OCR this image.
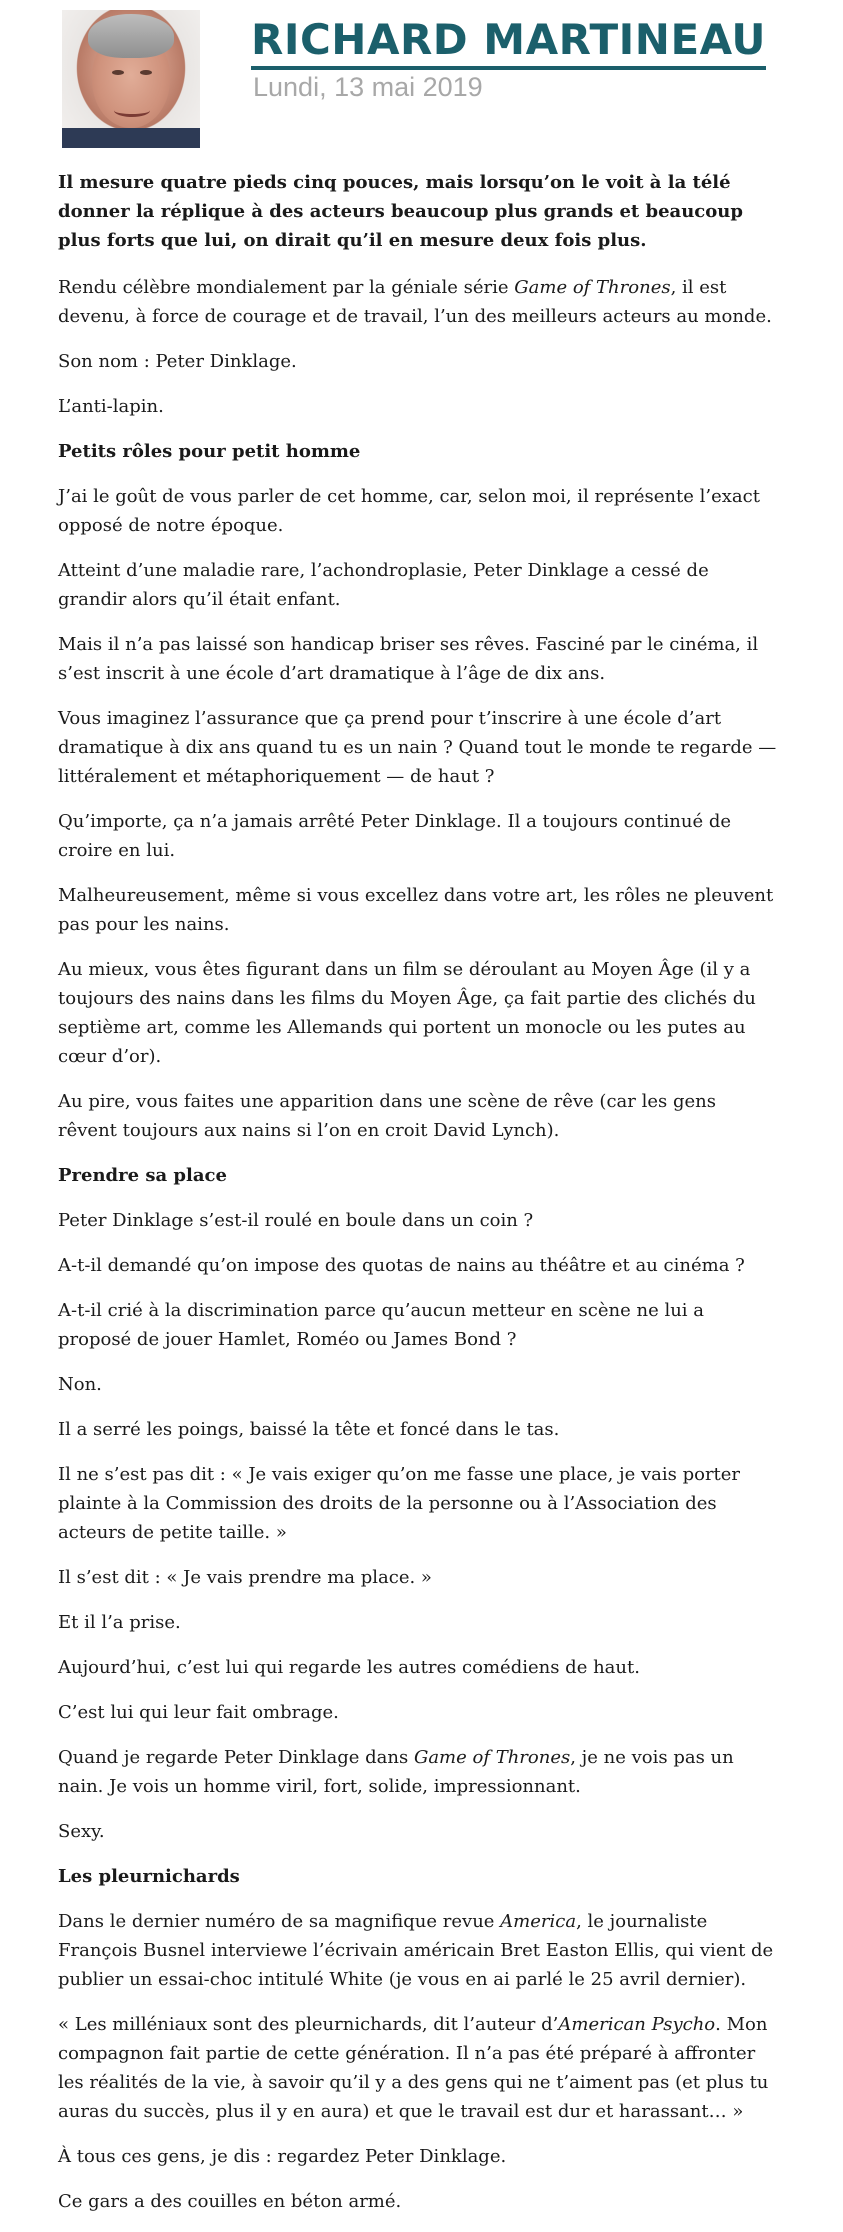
RICHARD MARTINEAU
Lundi, 13 mai 2019

Il mesure quatre pieds cinq pouces, mais lorsqu’on le voit à la télé donner la réplique à des acteurs beaucoup plus grands et beaucoup plus forts que lui, on dirait qu’il en mesure deux fois plus.

Rendu célèbre mondialement par la géniale série Game of Thrones, il est devenu, à force de courage et de travail, l’un des meilleurs acteurs au monde.

Son nom : Peter Dinklage.

L’anti-lapin.

Petits rôles pour petit homme

J’ai le goût de vous parler de cet homme, car, selon moi, il représente l’exact opposé de notre époque.

Atteint d’une maladie rare, l’achondroplasie, Peter Dinklage a cessé de grandir alors qu’il était enfant.

Mais il n’a pas laissé son handicap briser ses rêves. Fasciné par le cinéma, il s’est inscrit à une école d’art dramatique à l’âge de dix ans.

Vous imaginez l’assurance que ça prend pour t’inscrire à une école d’art dramatique à dix ans quand tu es un nain ? Quand tout le monde te regarde — littéralement et métaphoriquement — de haut ?

Qu’importe, ça n’a jamais arrêté Peter Dinklage. Il a toujours continué de croire en lui.

Malheureusement, même si vous excellez dans votre art, les rôles ne pleuvent pas pour les nains.

Au mieux, vous êtes figurant dans un film se déroulant au Moyen Âge (il y a toujours des nains dans les films du Moyen Âge, ça fait partie des clichés du septième art, comme les Allemands qui portent un monocle ou les putes au cœur d’or).

Au pire, vous faites une apparition dans une scène de rêve (car les gens rêvent toujours aux nains si l’on en croit David Lynch).

Prendre sa place

Peter Dinklage s’est-il roulé en boule dans un coin ?

A-t-il demandé qu’on impose des quotas de nains au théâtre et au cinéma ?

A-t-il crié à la discrimination parce qu’aucun metteur en scène ne lui a proposé de jouer Hamlet, Roméo ou James Bond ?

Non.

Il a serré les poings, baissé la tête et foncé dans le tas.

Il ne s’est pas dit : « Je vais exiger qu’on me fasse une place, je vais porter plainte à la Commission des droits de la personne ou à l’Association des acteurs de petite taille. »

Il s’est dit : « Je vais prendre ma place. »

Et il l’a prise.

Aujourd’hui, c’est lui qui regarde les autres comédiens de haut.

C’est lui qui leur fait ombrage.

Quand je regarde Peter Dinklage dans Game of Thrones, je ne vois pas un nain. Je vois un homme viril, fort, solide, impressionnant.

Sexy.

Les pleurnichards

Dans le dernier numéro de sa magnifique revue America, le journaliste François Busnel interviewe l’écrivain américain Bret Easton Ellis, qui vient de publier un essai-choc intitulé White (je vous en ai parlé le 25 avril dernier).

« Les milléniaux sont des pleurnichards, dit l’auteur d’American Psycho. Mon compagnon fait partie de cette génération. Il n’a pas été préparé à affronter les réalités de la vie, à savoir qu’il y a des gens qui ne t’aiment pas (et plus tu auras du succès, plus il y en aura) et que le travail est dur et harassant… »

À tous ces gens, je dis : regardez Peter Dinklage.

Ce gars a des couilles en béton armé.
